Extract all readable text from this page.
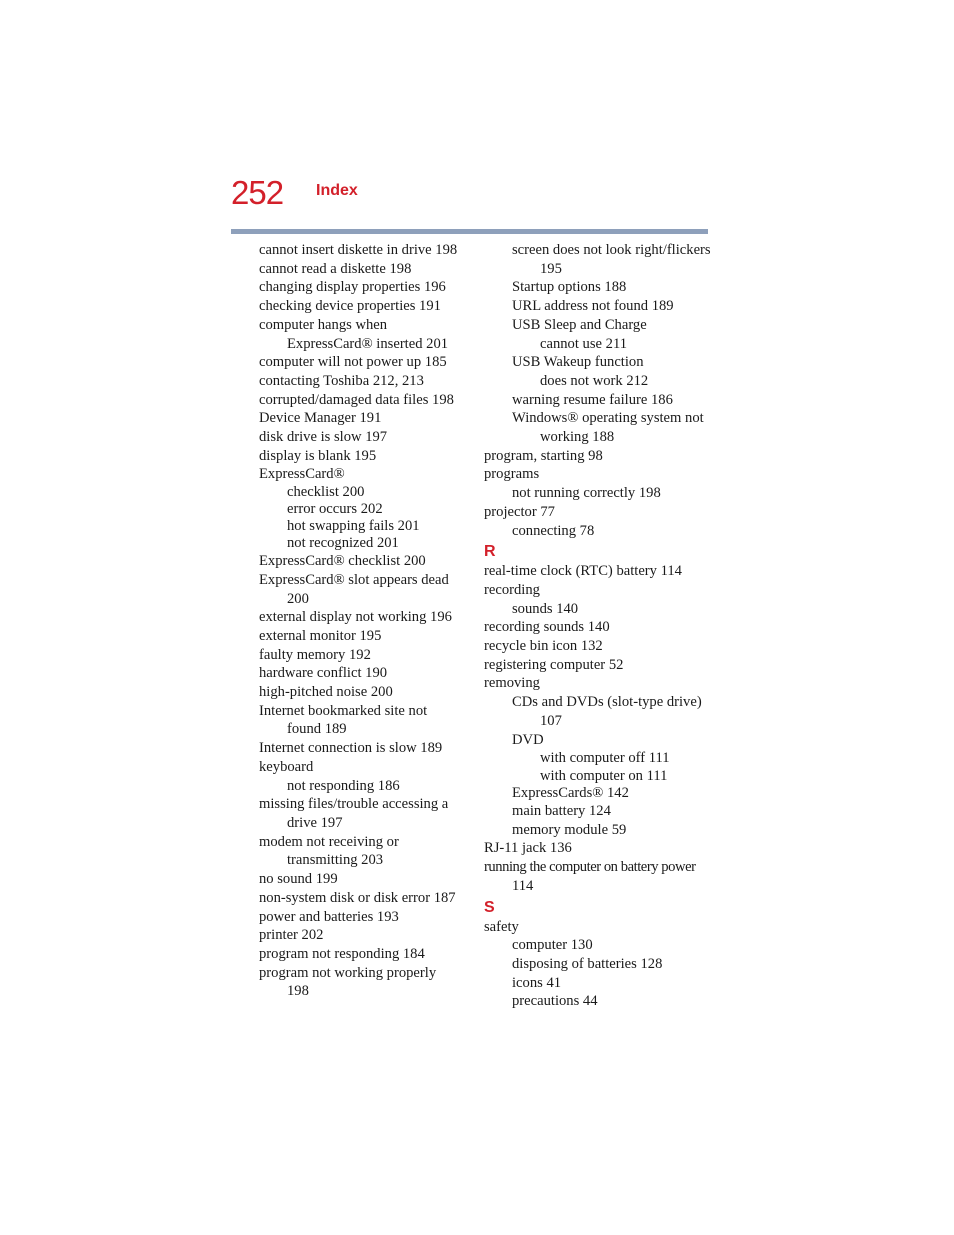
252 Index
cannot insert diskette in drive 198
cannot read a diskette 198
changing display properties 196
checking device properties 191
computer hangs when
ExpressCard® inserted 201
computer will not power up 185
contacting Toshiba 212, 213
corrupted/damaged data files 198
Device Manager 191
disk drive is slow 197
display is blank 195
ExpressCard®
checklist 200
error occurs 202
hot swapping fails 201
not recognized 201
ExpressCard® checklist 200
ExpressCard® slot appears dead
200
external display not working 196
external monitor 195
faulty memory 192
hardware conflict 190
high-pitched noise 200
Internet bookmarked site not
found 189
Internet connection is slow 189
keyboard
not responding 186
missing files/trouble accessing a
drive 197
modem not receiving or
transmitting 203
no sound 199
non-system disk or disk error 187
power and batteries 193
printer 202
program not responding 184
program not working properly
198
screen does not look right/flickers
195
Startup options 188
URL address not found 189
USB Sleep and Charge
cannot use 211
USB Wakeup function
does not work 212
warning resume failure 186
Windows® operating system not
working 188
program, starting 98
programs
not running correctly 198
projector 77
connecting 78
R
real-time clock (RTC) battery 114
recording
sounds 140
recording sounds 140
recycle bin icon 132
registering computer 52
removing
CDs and DVDs (slot-type drive)
107
DVD
with computer off 111
with computer on 111
ExpressCards® 142
main battery 124
memory module 59
RJ-11 jack 136
running the computer on battery power
114
S
safety
computer 130
disposing of batteries 128
icons 41
precautions 44
